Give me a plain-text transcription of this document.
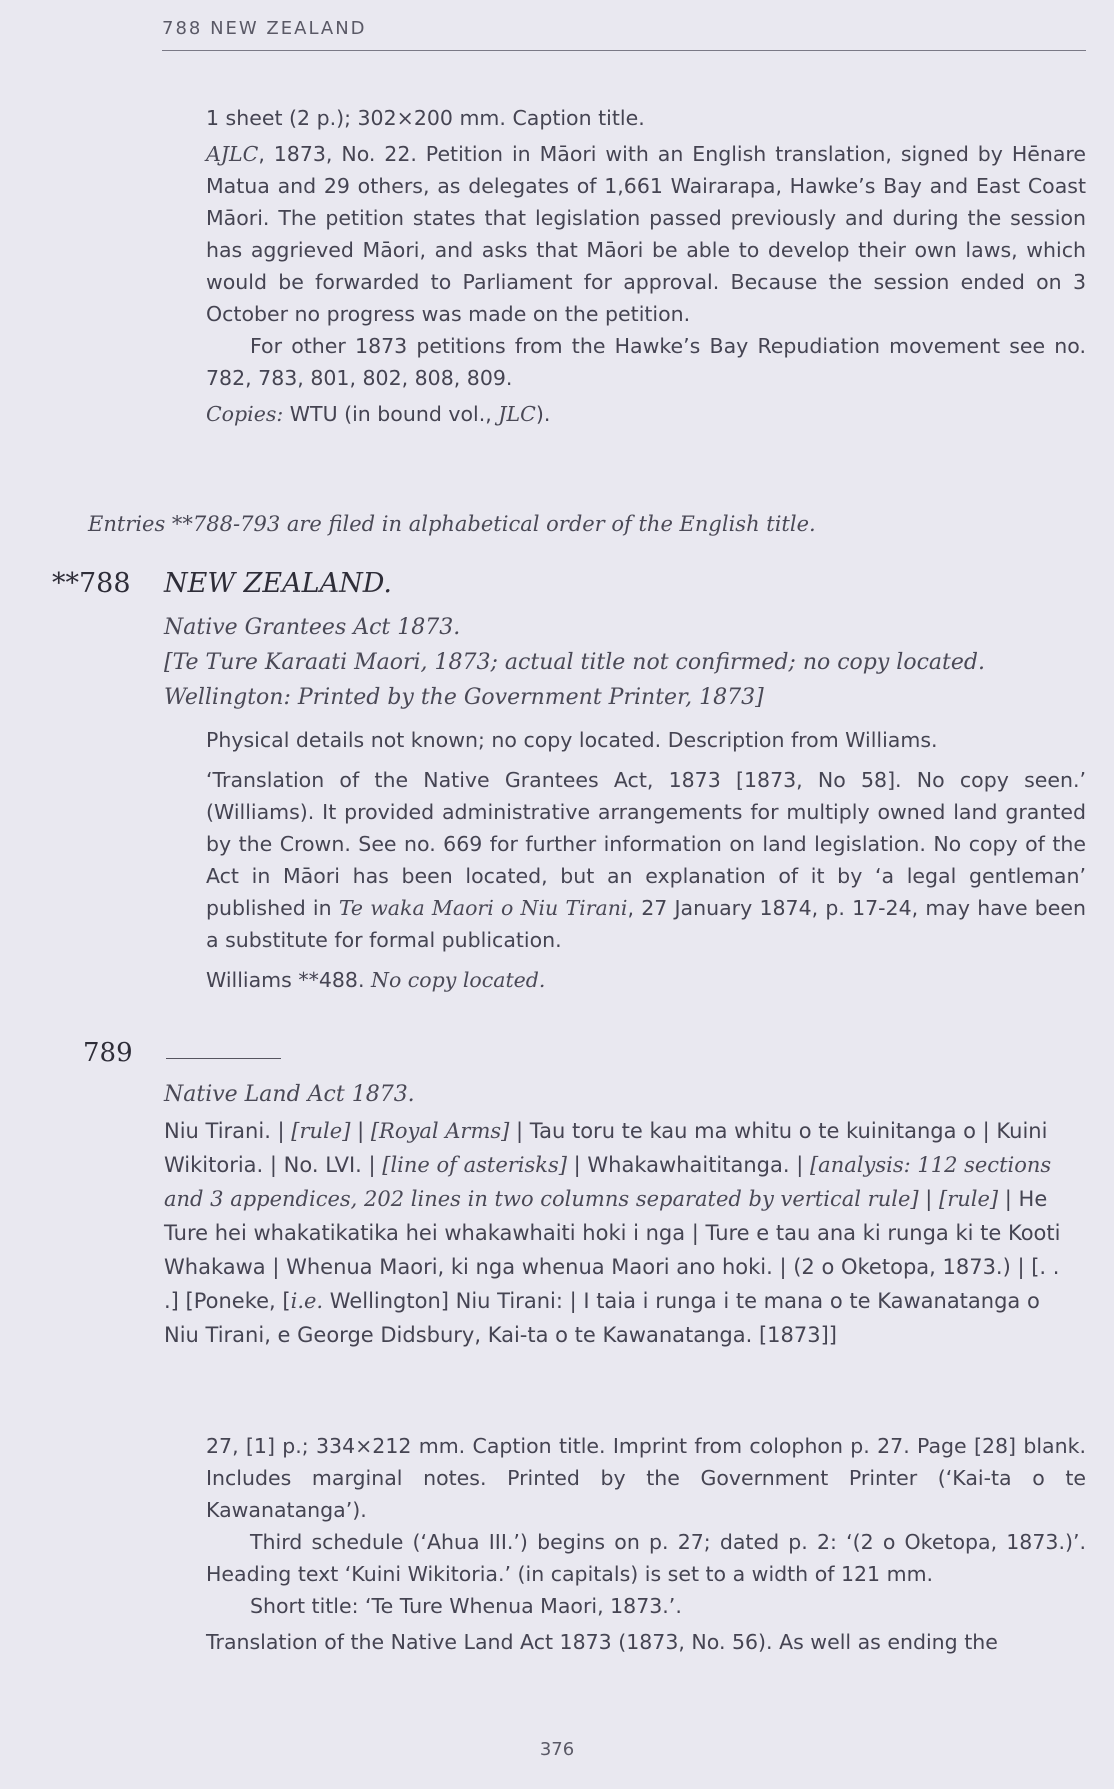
788 NEW ZEALAND

1 sheet (2 p.); 302×200 mm. Caption title.

AJLC, 1873, No. 22. Petition in Māori with an English translation, signed by Hēnare Matua and 29 others, as delegates of 1,661 Wairarapa, Hawke’s Bay and East Coast Māori. The petition states that legislation passed previously and during the session has aggrieved Māori, and asks that Māori be able to develop their own laws, which would be forwarded to Parliament for approval. Because the session ended on 3 October no progress was made on the petition.

For other 1873 petitions from the Hawke’s Bay Repudiation movement see no. 782, 783, 801, 802, 808, 809.

Copies: WTU (in bound vol., JLC).

Entries **788-793 are filed in alphabetical order of the English title.
**788 NEW ZEALAND.
Native Grantees Act 1873.
[Te Ture Karaati Maori, 1873; actual title not confirmed; no copy located.
Wellington: Printed by the Government Printer, 1873]

Physical details not known; no copy located. Description from Williams.

‘Translation of the Native Grantees Act, 1873 [1873, No 58]. No copy seen.’ (Williams). It provided administrative arrangements for multiply owned land granted by the Crown. See no. 669 for further information on land legislation. No copy of the Act in Māori has been located, but an explanation of it by ‘a legal gentleman’ published in Te waka Maori o Niu Tirani, 27 January 1874, p. 17-24, may have been a substitute for formal publication.

Williams **488. No copy located.

789
Native Land Act 1873.
Niu Tirani. | [rule] | [Royal Arms] | Tau toru te kau ma whitu o te kuinitanga o | Kuini Wikitoria. | No. LVI. | [line of asterisks] | Whakawhaititanga. | [analysis: 112 sections and 3 appendices, 202 lines in two columns separated by vertical rule] | [rule] | He Ture hei whakatikatika hei whakawhaiti hoki i nga | Ture e tau ana ki runga ki te Kooti Whakawa | Whenua Maori, ki nga whenua Maori ano hoki. | (2 o Oketopa, 1873.) | [. . .] [Poneke, [i.e. Wellington] Niu Tirani: | I taia i runga i te mana o te Kawanatanga o Niu Tirani, e George Didsbury, Kai-ta o te Kawanatanga. [1873]]

27, [1] p.; 334×212 mm. Caption title. Imprint from colophon p. 27. Page [28] blank. Includes marginal notes. Printed by the Government Printer (‘Kai-ta o te Kawanatanga’).

Third schedule (‘Ahua III.’) begins on p. 27; dated p. 2: ‘(2 o Oketopa, 1873.)’. Heading text ‘Kuini Wikitoria.’ (in capitals) is set to a width of 121 mm.

Short title: ‘Te Ture Whenua Maori, 1873.’.

Translation of the Native Land Act 1873 (1873, No. 56). As well as ending the

376
